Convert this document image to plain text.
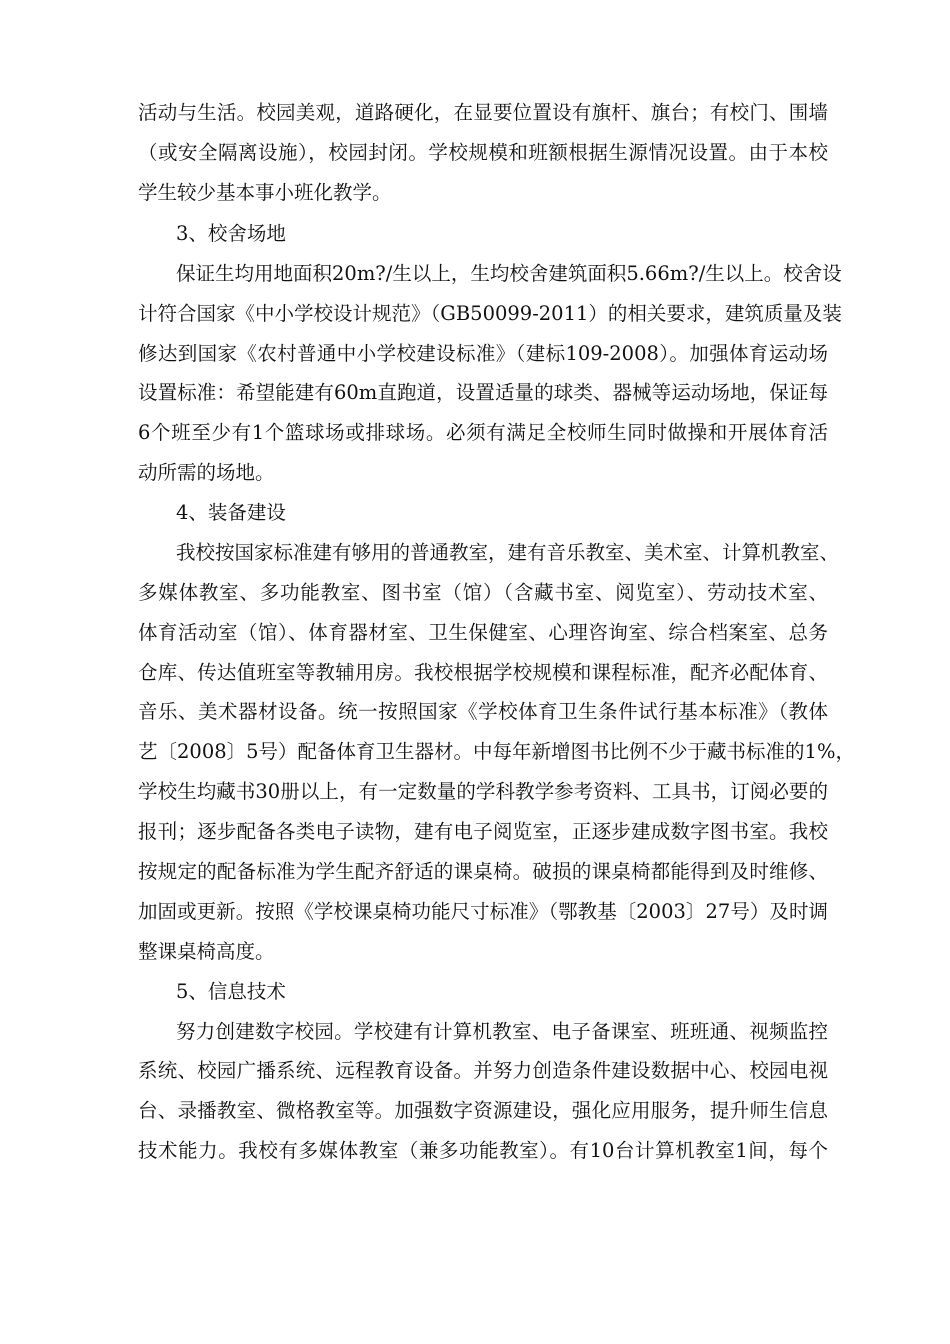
活动与生活。校园美观，道路硬化，在显要位置设有旗杆、旗台；有校门、围墙
（或安全隔离设施），校园封闭。学校规模和班额根据生源情况设置。由于本校
学生较少基本事小班化教学。
3、校舍场地
保证生均用地面积20m?/生以上，生均校舍建筑面积5.66m?/生以上。校舍设
计符合国家《中小学校设计规范》（GB50099-2011）的相关要求，建筑质量及装
修达到国家《农村普通中小学校建设标准》（建标109-2008）。加强体育运动场
设置标准：希望能建有60m直跑道，设置适量的球类、器械等运动场地，保证每
6个班至少有1个篮球场或排球场。必须有满足全校师生同时做操和开展体育活
动所需的场地。
4、装备建设
我校按国家标准建有够用的普通教室，建有音乐教室、美术室、计算机教室、
多媒体教室、多功能教室、图书室（馆）（含藏书室、阅览室）、劳动技术室、
体育活动室（馆）、体育器材室、卫生保健室、心理咨询室、综合档案室、总务
仓库、传达值班室等教辅用房。我校根据学校规模和课程标准，配齐必配体育、
音乐、美术器材设备。统一按照国家《学校体育卫生条件试行基本标准》（教体
艺〔2008〕5号）配备体育卫生器材。中每年新增图书比例不少于藏书标准的1%，
学校生均藏书30册以上，有一定数量的学科教学参考资料、工具书，订阅必要的
报刊；逐步配备各类电子读物，建有电子阅览室，正逐步建成数字图书室。我校
按规定的配备标准为学生配齐舒适的课桌椅。破损的课桌椅都能得到及时维修、
加固或更新。按照《学校课桌椅功能尺寸标准》（鄂教基〔2003〕27号）及时调
整课桌椅高度。
5、信息技术
努力创建数字校园。学校建有计算机教室、电子备课室、班班通、视频监控
系统、校园广播系统、远程教育设备。并努力创造条件建设数据中心、校园电视
台、录播教室、微格教室等。加强数字资源建设，强化应用服务，提升师生信息
技术能力。我校有多媒体教室（兼多功能教室）。有10台计算机教室1间，每个
